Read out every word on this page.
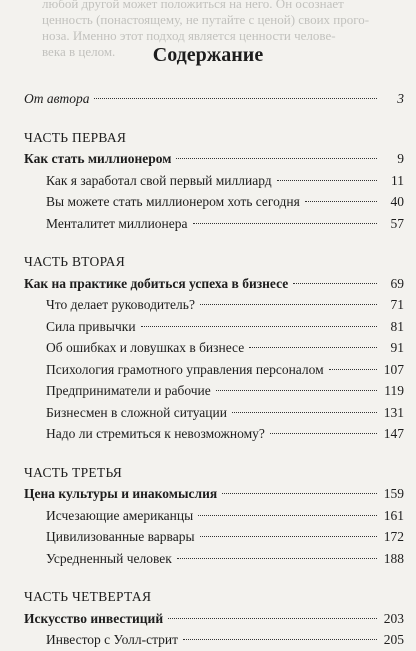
любой другой может положиться на него. Он осознает
ценность (понастоящему, не путайте с ценой) своих прого-
ноза. Именно этот подход является ценности челове-
века в целом.	Содержание
От автора	3
ЧАСТЬ ПЕРВАЯ
Как стать миллионером	9
Как я заработал свой первый миллиард	11
Вы можете стать миллионером хоть сегодня	40
Менталитет миллионера	57
ЧАСТЬ ВТОРАЯ
Как на практике добиться успеха в бизнесе	69
Что делает руководитель?	71
Сила привычки	81
Об ошибках и ловушках в бизнесе	91
Психология грамотного управления персоналом	107
Предприниматели и рабочие	119
Бизнесмен в сложной ситуации	131
Надо ли стремиться к невозможному?	147
ЧАСТЬ ТРЕТЬЯ
Цена культуры и инакомыслия	159
Исчезающие американцы	161
Цивилизованные варвары	172
Усредненный человек	188
ЧАСТЬ ЧЕТВЕРТАЯ
Искусство инвестиций	203
Инвестор с Уолл-стрит	205
